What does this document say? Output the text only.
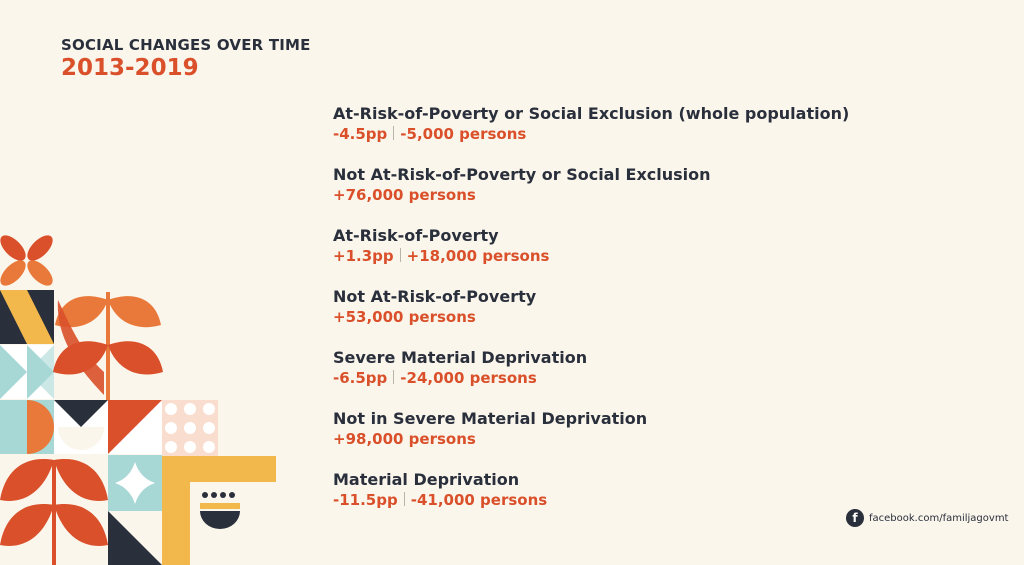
SOCIAL CHANGES OVER TIME
2013-2019
At-Risk-of-Poverty or Social Exclusion (whole population)
-4.5pp -5,000 persons
Not At-Risk-of-Poverty or Social Exclusion
+76,000 persons
At-Risk-of-Poverty
+1.3pp +18,000 persons
Not At-Risk-of-Poverty
+53,000 persons
Severe Material Deprivation
-6.5pp -24,000 persons
Not in Severe Material Deprivation
+98,000 persons
Material Deprivation
-11.5pp -41,000 persons
f	facebook.com/familjagovmt
